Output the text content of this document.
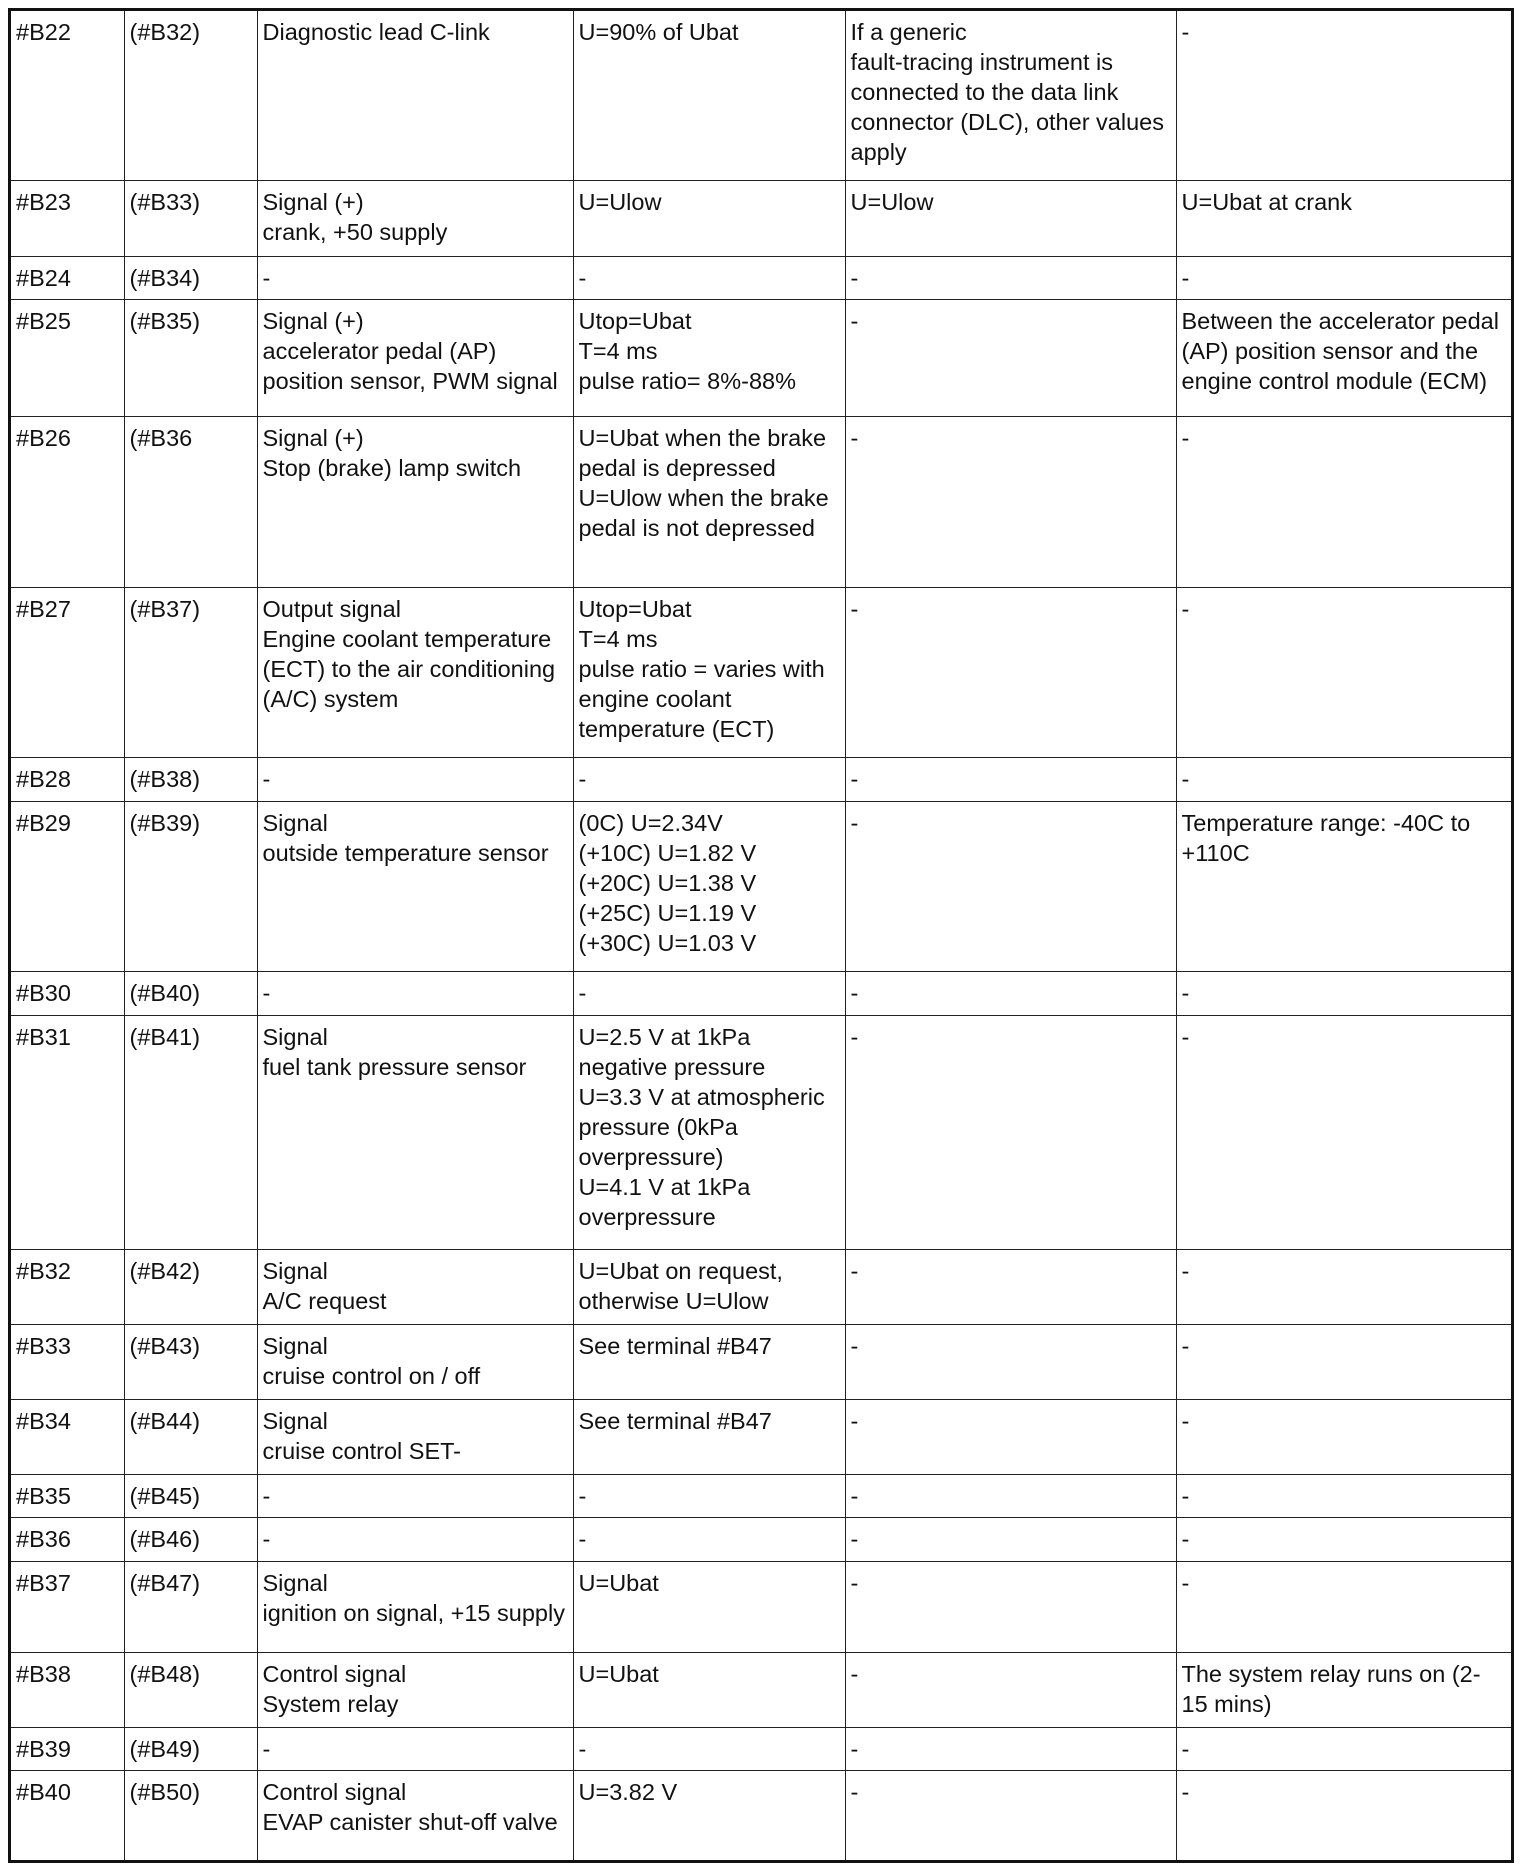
#B22	(#B32)	Diagnostic lead C-link	U=90% of Ubat	If a generic
fault-tracing instrument is connected to the data link connector (DLC), other values apply	-
#B23	(#B33)	Signal (+)
crank, +50 supply	U=Ulow	U=Ulow	U=Ubat at crank
#B24	(#B34)	-	-	-	-
#B25	(#B35)	Signal (+)
accelerator pedal (AP) position sensor, PWM signal	Utop=Ubat
T=4 ms
pulse ratio= 8%-88%	-	Between the accelerator pedal (AP) position sensor and the engine control module (ECM)
#B26	(#B36	Signal (+)
Stop (brake) lamp switch	U=Ubat when the brake pedal is depressed
U=Ulow when the brake pedal is not depressed	-	-
#B27	(#B37)	Output signal
Engine coolant temperature (ECT) to the air conditioning (A/C) system	Utop=Ubat
T=4 ms
pulse ratio = varies with engine coolant temperature (ECT)	-	-
#B28	(#B38)	-	-	-	-
#B29	(#B39)	Signal
outside temperature sensor	(0C) U=2.34V
(+10C) U=1.82 V
(+20C) U=1.38 V
(+25C) U=1.19 V
(+30C) U=1.03 V	-	Temperature range: -40C to +110C
#B30	(#B40)	-	-	-	-
#B31	(#B41)	Signal
fuel tank pressure sensor	U=2.5 V at 1kPa negative pressure
U=3.3 V at atmospheric pressure (0kPa overpressure)
U=4.1 V at 1kPa overpressure	-	-
#B32	(#B42)	Signal
A/C request	U=Ubat on request, otherwise U=Ulow	-	-
#B33	(#B43)	Signal
cruise control on / off	See terminal #B47	-	-
#B34	(#B44)	Signal
cruise control SET-	See terminal #B47	-	-
#B35	(#B45)	-	-	-	-
#B36	(#B46)	-	-	-	-
#B37	(#B47)	Signal
ignition on signal, +15 supply	U=Ubat	-	-
#B38	(#B48)	Control signal
System relay	U=Ubat	-	The system relay runs on (2-15 mins)
#B39	(#B49)	-	-	-	-
#B40	(#B50)	Control signal
EVAP canister shut-off valve	U=3.82 V	-	-
